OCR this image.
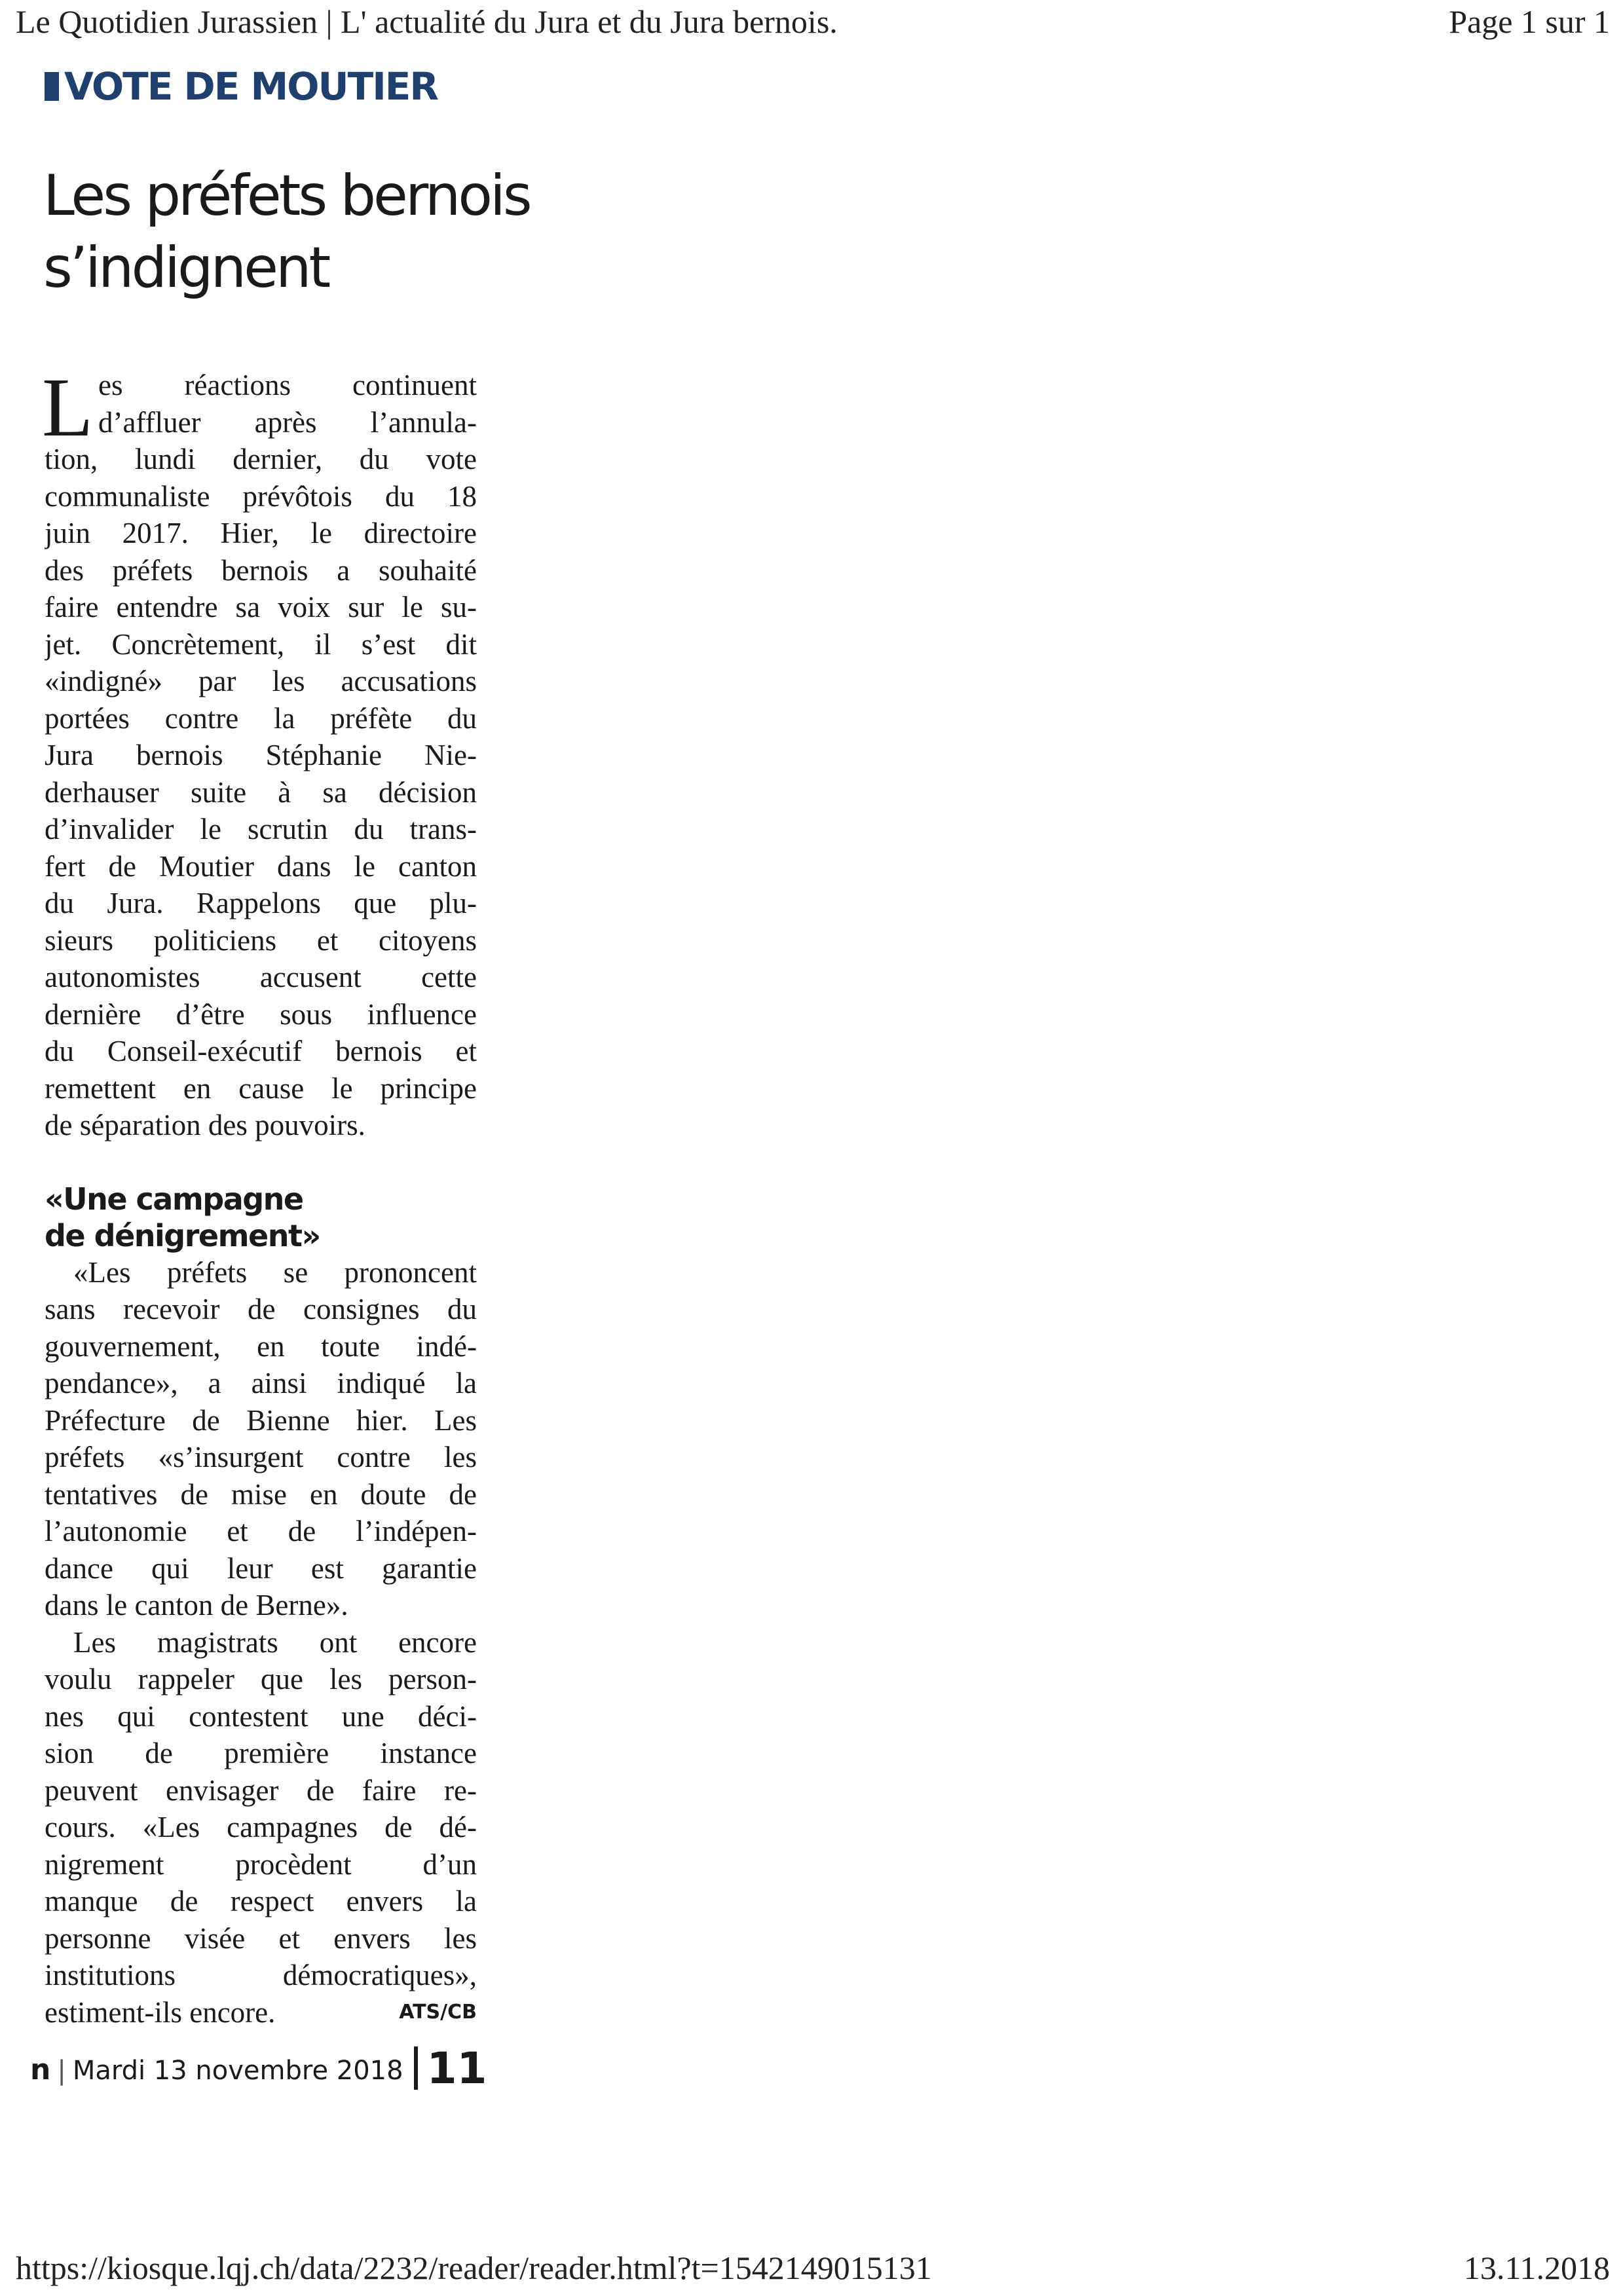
Le Quotidien Jurassien | L' actualité du Jura et du Jura bernois.	Page 1 sur 1
VOTE DE MOUTIER
Les préfets bernois
s’indignent
L es réactions continuent
d’affluer après l’annula-
tion, lundi dernier, du vote
communaliste prévôtois du 18
juin 2017. Hier, le directoire
des préfets bernois a souhaité
faire entendre sa voix sur le su-
jet. Concrètement, il s’est dit
«indigné» par les accusations
portées contre la préfète du
Jura bernois Stéphanie Nie-
derhauser suite à sa décision
d’invalider le scrutin du trans-
fert de Moutier dans le canton
du Jura. Rappelons que plu-
sieurs politiciens et citoyens
autonomistes accusent cette
dernière d’être sous influence
du Conseil-exécutif bernois et
remettent en cause le principe
de séparation des pouvoirs.
«Une campagne
de dénigrement»
«Les préfets se prononcent
sans recevoir de consignes du
gouvernement, en toute indé-
pendance», a ainsi indiqué la
Préfecture de Bienne hier. Les
préfets «s’insurgent contre les
tentatives de mise en doute de
l’autonomie et de l’indépen-
dance qui leur est garantie
dans le canton de Berne».
Les magistrats ont encore
voulu rappeler que les person-
nes qui contestent une déci-
sion de première instance
peuvent envisager de faire re-
cours. «Les campagnes de dé-
nigrement procèdent d’un
manque de respect envers la
personne visée et envers les
institutions démocratiques»,
estiment-ils encore.	ATS/CB
n | Mardi 13 novembre 2018 11
https://kiosque.lqj.ch/data/2232/reader/reader.html?t=1542149015131	13.11.2018
